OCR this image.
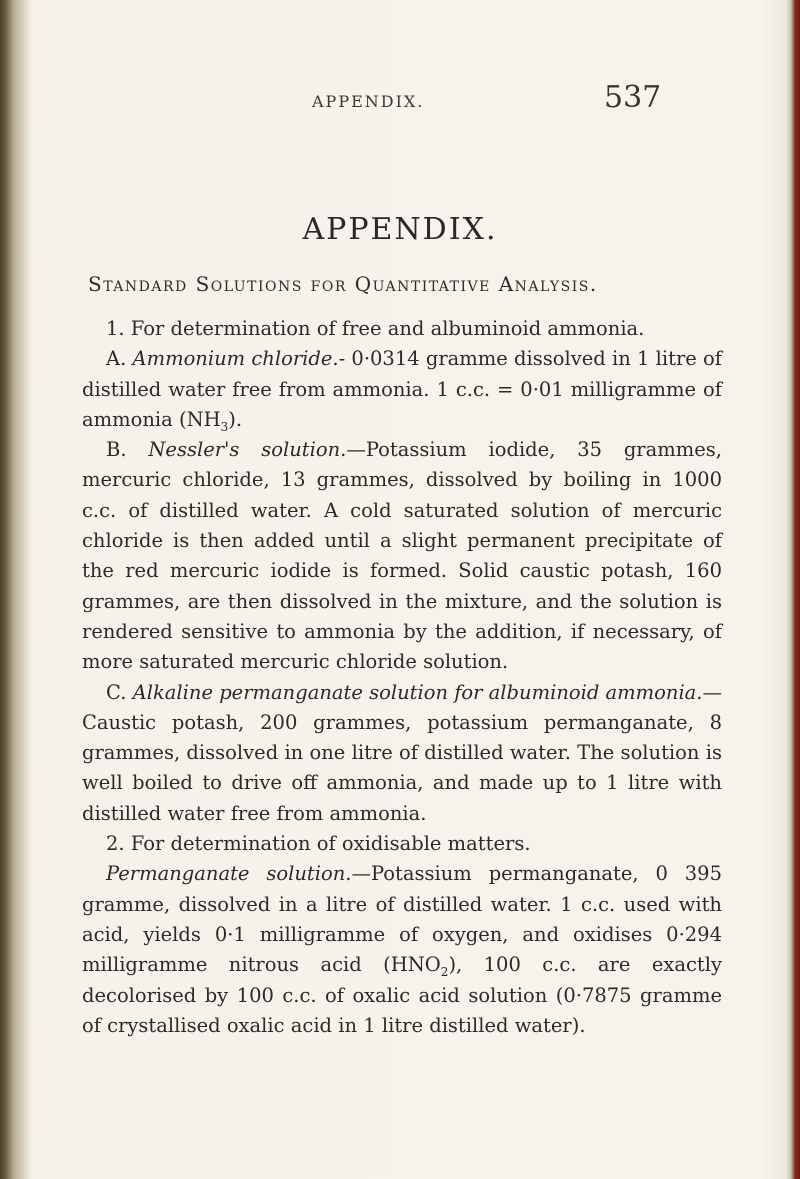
APPENDIX.	537
APPENDIX.
Standard Solutions for Quantitative Analysis.

1. For determination of free and albuminoid ammonia.

A. Ammonium chloride.- 0·0314 gramme dissolved in 1 litre of distilled water free from ammonia. 1 c.c. = 0·01 milligramme of ammonia $(NH_3)$.

B. Nessler's solution.—Potassium iodide, 35 grammes, mercuric chloride, 13 grammes, dissolved by boiling in 1000 c.c. of distilled water. A cold saturated solution of mercuric chloride is then added until a slight permanent precipitate of the red mercuric iodide is formed. Solid caustic potash, 160 grammes, are then dissolved in the mixture, and the solution is rendered sensitive to ammonia by the addition, if necessary, of more saturated mercuric chloride solution.

C. Alkaline permanganate solution for albuminoid ammonia.— Caustic potash, 200 grammes, potassium permanganate, 8 grammes, dissolved in one litre of distilled water. The solution is well boiled to drive off ammonia, and made up to 1 litre with distilled water free from ammonia.

2. For determination of oxidisable matters.

Permanganate solution.—Potassium permanganate, 0 395 gramme, dissolved in a litre of distilled water. 1 c.c. used with acid, yields 0·1 milligramme of oxygen, and oxidises 0·294 milligramme nitrous acid $(HNO_2)$, 100 c.c. are exactly decolorised by 100 c.c. of oxalic acid solution (0·7875 gramme of crystallised oxalic acid in 1 litre distilled water).
